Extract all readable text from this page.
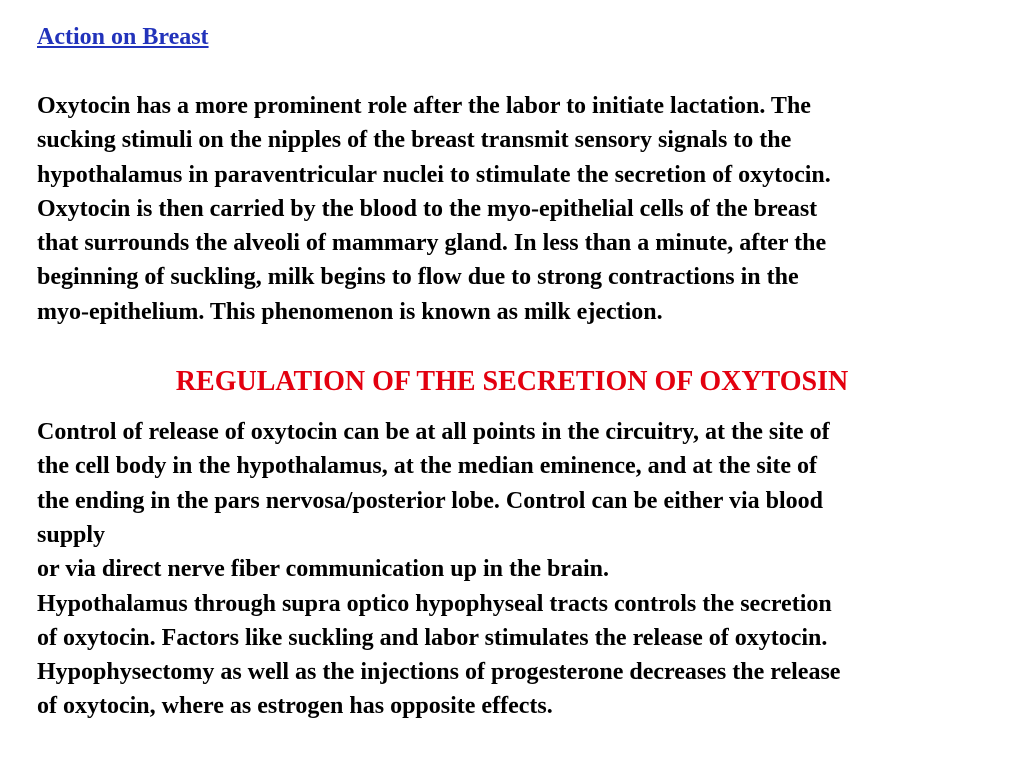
Action on Breast

Oxytocin has a more prominent role after the labor to initiate lactation. The
sucking stimuli on the nipples of the breast transmit sensory signals to the
hypothalamus in paraventricular nuclei to stimulate the secretion of oxytocin.
Oxytocin is then carried by the blood to the myo-epithelial cells of the breast
that surrounds the alveoli of mammary gland. In less than a minute, after the
beginning of suckling, milk begins to flow due to strong contractions in the
myo-epithelium. This phenomenon is known as milk ejection.

REGULATION OF THE SECRETION OF OXYTOSIN

Control of release of oxytocin can be at all points in the circuitry, at the site of
the cell body in the hypothalamus, at the median eminence, and at the site of
the ending in the pars nervosa/posterior lobe. Control can be either via blood
supply
or via direct nerve fiber communication up in the brain.
Hypothalamus through supra optico hypophyseal tracts controls the secretion
of oxytocin. Factors like suckling and labor stimulates the release of oxytocin.
Hypophysectomy as well as the injections of progesterone decreases the release
of oxytocin, where as estrogen has opposite effects.
